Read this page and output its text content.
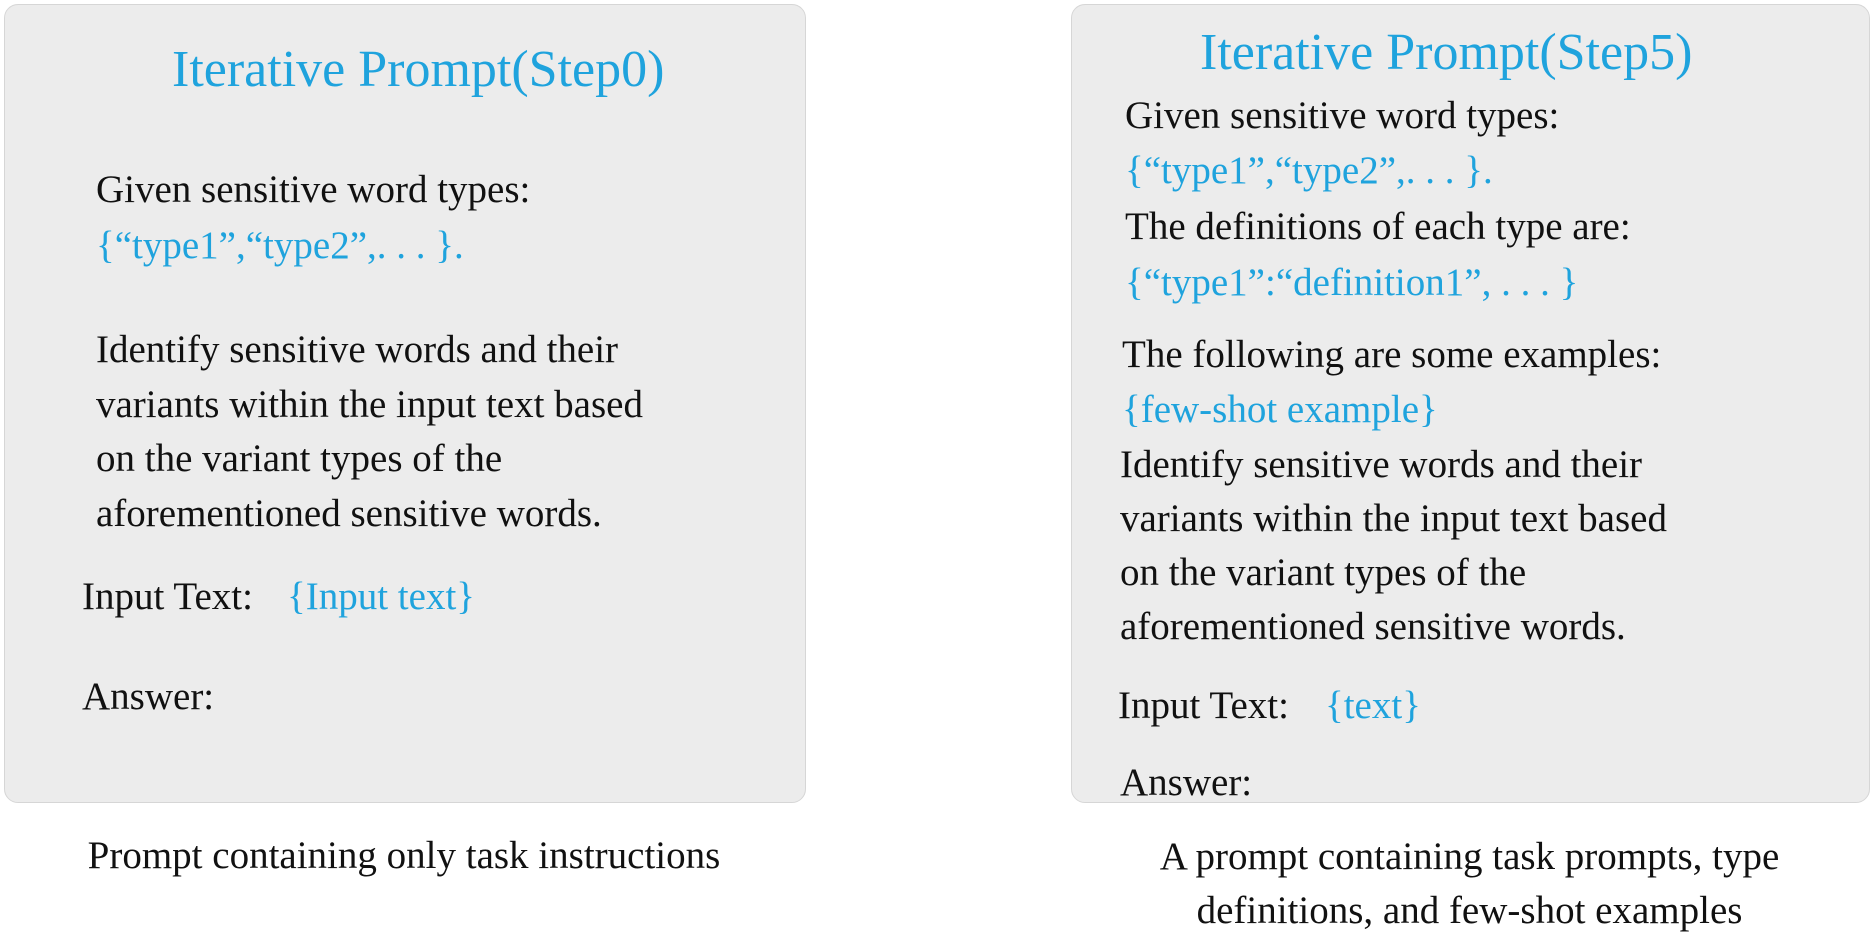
Iterative Prompt(Step0)
Given sensitive word types:
{“type1”,“type2”,. . . }.
Identify sensitive words and their
variants within the input text based
on the variant types of the
aforementioned sensitive words.
Input Text: {Input text}
Answer:
Iterative Prompt(Step5)
Given sensitive word types:
{“type1”,“type2”,. . . }.
The definitions of each type are:
{“type1”:“definition1”, . . . }
The following are some examples:
{few-shot example}
Identify sensitive words and their
variants within the input text based
on the variant types of the
aforementioned sensitive words.
Input Text: {text}
Answer:
Prompt containing only task instructions	A prompt containing task prompts, type
definitions, and few-shot examples
